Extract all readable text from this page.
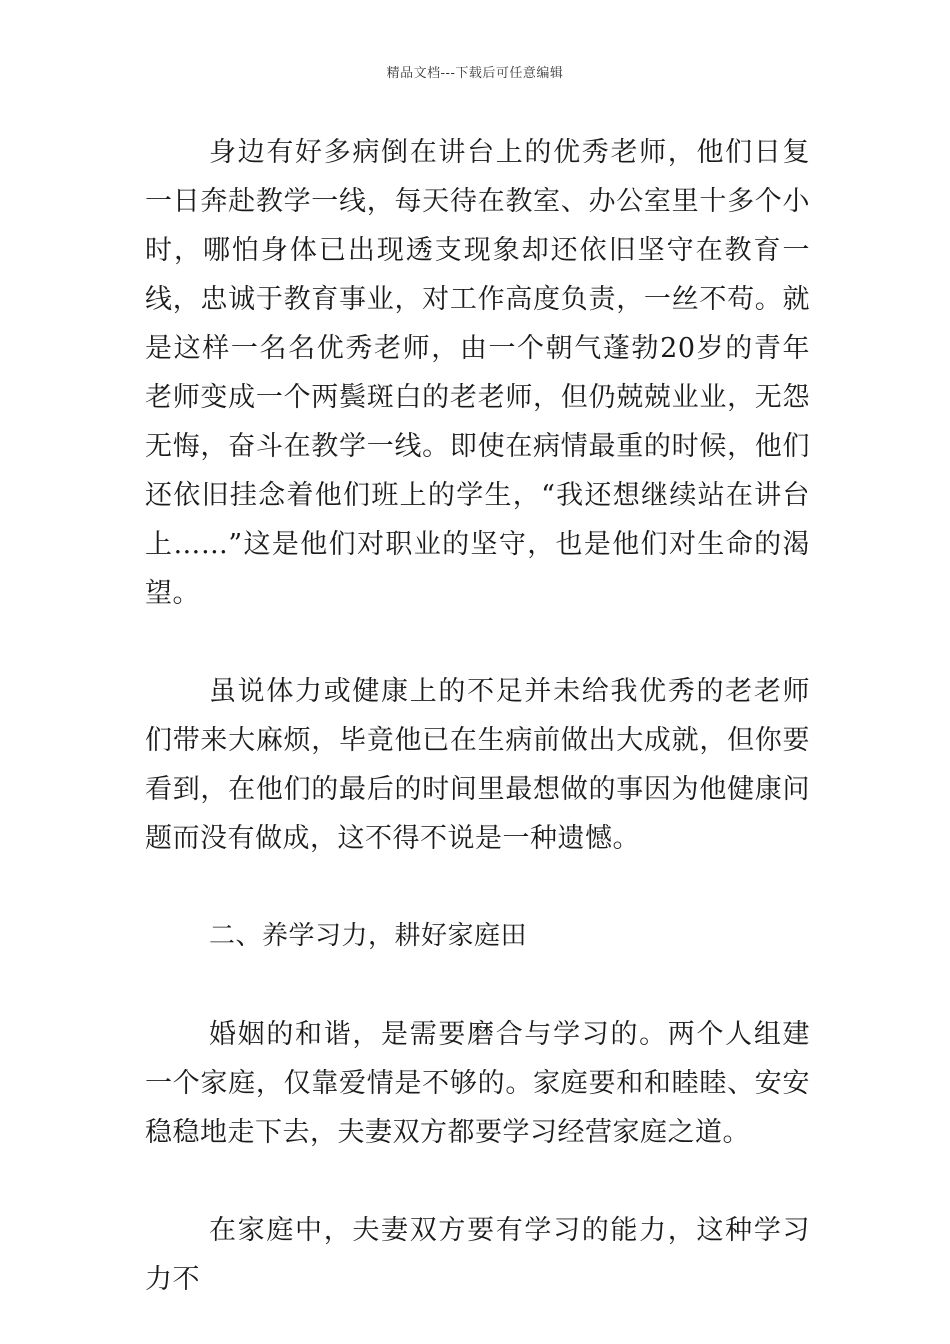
精品文档---下载后可任意编辑

身边有好多病倒在讲台上的优秀老师，他们日复一日奔赴教学一线，每天待在教室、办公室里十多个小时，哪怕身体已出现透支现象却还依旧坚守在教育一线，忠诚于教育事业，对工作高度负责，一丝不苟。就是这样一名名优秀老师，由一个朝气蓬勃20岁的青年老师变成一个两鬓斑白的老老师，但仍兢兢业业，无怨无悔，奋斗在教学一线。即使在病情最重的时候，他们还依旧挂念着他们班上的学生，“我还想继续站在讲台上……”这是他们对职业的坚守，也是他们对生命的渴望。

虽说体力或健康上的不足并未给我优秀的老老师们带来大麻烦，毕竟他已在生病前做出大成就，但你要看到，在他们的最后的时间里最想做的事因为他健康问题而没有做成，这不得不说是一种遗憾。

二、养学习力，耕好家庭田

婚姻的和谐，是需要磨合与学习的。两个人组建一个家庭，仅靠爱情是不够的。家庭要和和睦睦、安安稳稳地走下去，夫妻双方都要学习经营家庭之道。

在家庭中，夫妻双方要有学习的能力，这种学习力不
